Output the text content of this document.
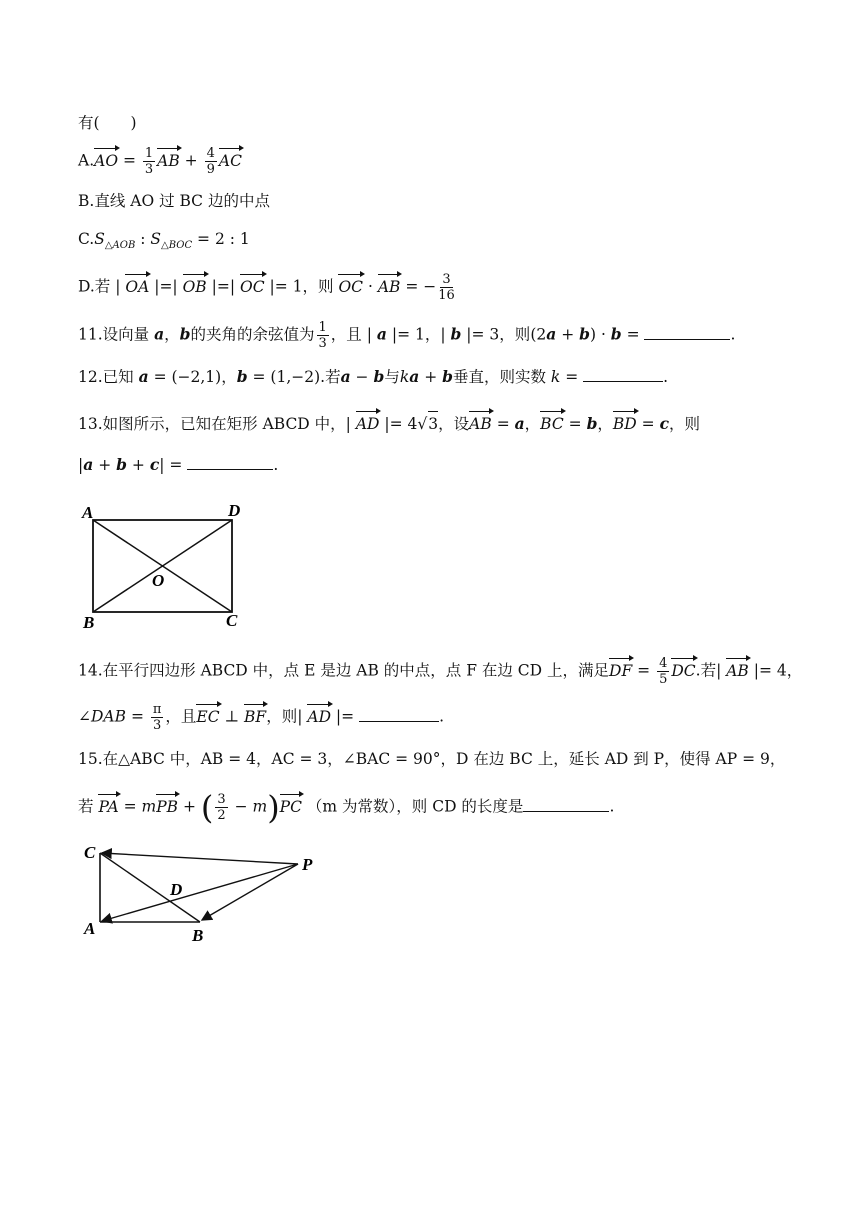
有(　　)
$A.AO = \frac{1}{3}$ AB + $\frac{4}{9}$ AC
B.直线 AO 过 BC 边的中点
$C.S_{\triangle AOB}$ : $S_{\triangle BOC} = 2$ : 1
D.若 | OA |=| OB |=| OC |= 1，则 OC · AB = − $\frac{3}{16}$
11.设向量 a，b的夹角的余弦值为 $\frac{1}{3}$ ，且 | a |= 1，| b |= 3，则(2a + b) · b =	.
12.已知 a = (−2,1)，b = (1,−2).若a − b与ka + b垂直，则实数 k =	.
13.如图所示，已知在矩形 ABCD 中，| AD |= 4√3，设AB = a，BC = b，BD = c，则
|a + b + c| =	.
A	D
O
B	C
14.在平行四边形 ABCD 中，点 E 是边 AB 的中点，点 F 在边 CD 上，满足DF = $\frac{4}{5}$ DC.若| AB |= 4，
∠DAB = $\frac{\pi}{3}$ ，且EC ⊥ BF，则| AD |=	.
15.在△ABC 中，AB = 4，AC = 3，∠BAC = 90°，D 在边 BC 上，延长 AD 到 P，使得 AP = 9，
若 PA = mPB + ( $\frac{3}{2} - m)PC$ （m 为常数），则 CD 的长度是	.
C
P
D
A	B
